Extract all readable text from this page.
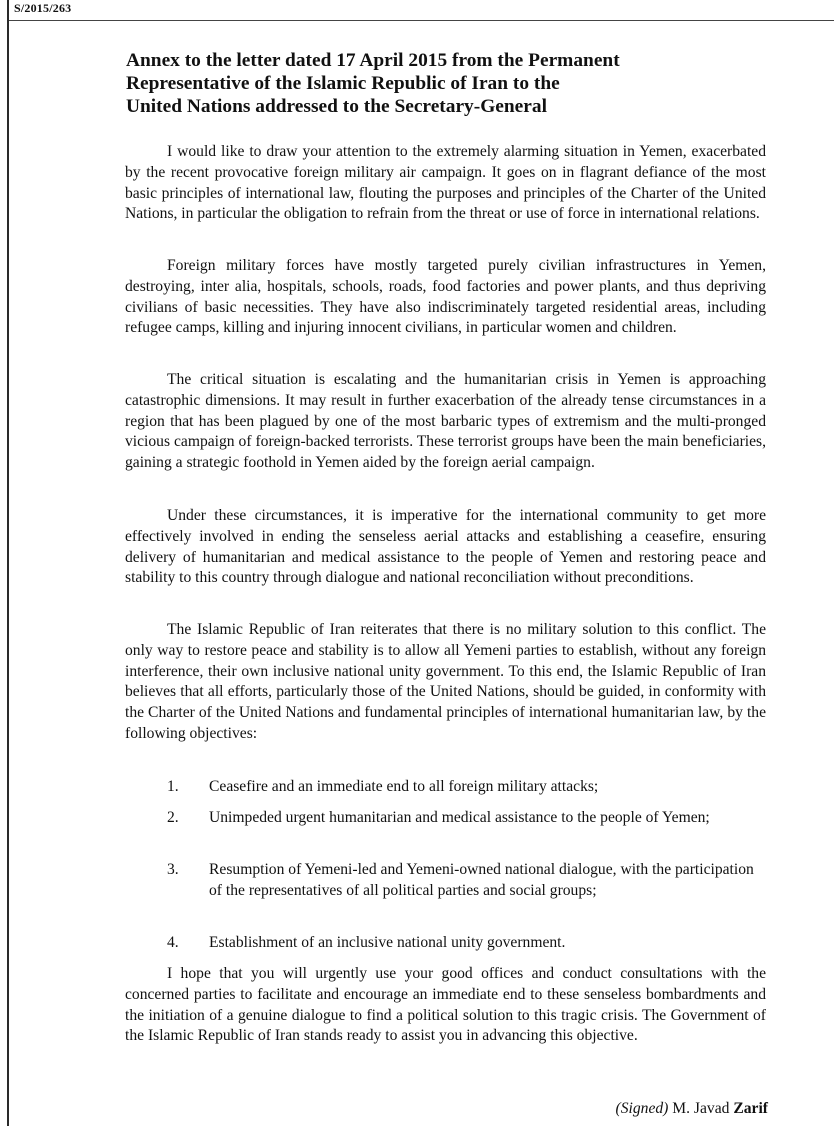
S/2015/263
Annex to the letter dated 17 April 2015 from the Permanent
Representative of the Islamic Republic of Iran to the
United Nations addressed to the Secretary-General

I would like to draw your attention to the extremely alarming situation in Yemen, exacerbated by the recent provocative foreign military air campaign. It goes on in flagrant defiance of the most basic principles of international law, flouting the purposes and principles of the Charter of the United Nations, in particular the obligation to refrain from the threat or use of force in international relations.

Foreign military forces have mostly targeted purely civilian infrastructures in Yemen, destroying, inter alia, hospitals, schools, roads, food factories and power plants, and thus depriving civilians of basic necessities. They have also indiscriminately targeted residential areas, including refugee camps, killing and injuring innocent civilians, in particular women and children.

The critical situation is escalating and the humanitarian crisis in Yemen is approaching catastrophic dimensions. It may result in further exacerbation of the already tense circumstances in a region that has been plagued by one of the most barbaric types of extremism and the multi-pronged vicious campaign of foreign-backed terrorists. These terrorist groups have been the main beneficiaries, gaining a strategic foothold in Yemen aided by the foreign aerial campaign.

Under these circumstances, it is imperative for the international community to get more effectively involved in ending the senseless aerial attacks and establishing a ceasefire, ensuring delivery of humanitarian and medical assistance to the people of Yemen and restoring peace and stability to this country through dialogue and national reconciliation without preconditions.

The Islamic Republic of Iran reiterates that there is no military solution to this conflict. The only way to restore peace and stability is to allow all Yemeni parties to establish, without any foreign interference, their own inclusive national unity government. To this end, the Islamic Republic of Iran believes that all efforts, particularly those of the United Nations, should be guided, in conformity with the Charter of the United Nations and fundamental principles of international humanitarian law, by the following objectives:

1. Ceasefire and an immediate end to all foreign military attacks;
2. Unimpeded urgent humanitarian and medical assistance to the people of Yemen;
3. Resumption of Yemeni-led and Yemeni-owned national dialogue, with the participation of the representatives of all political parties and social groups;
4. Establishment of an inclusive national unity government.

I hope that you will urgently use your good offices and conduct consultations with the concerned parties to facilitate and encourage an immediate end to these senseless bombardments and the initiation of a genuine dialogue to find a political solution to this tragic crisis. The Government of the Islamic Republic of Iran stands ready to assist you in advancing this objective.

(Signed) M. Javad Zarif
